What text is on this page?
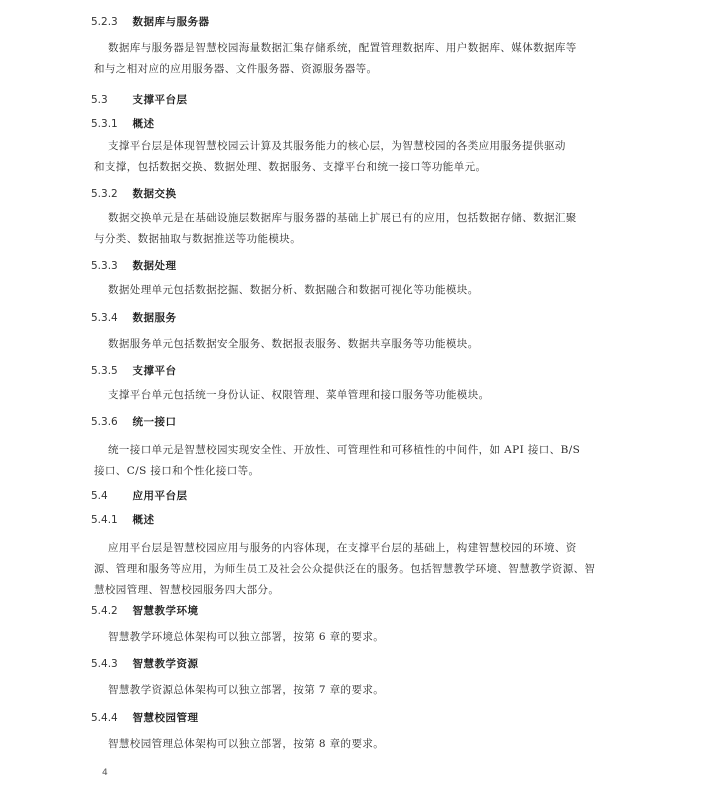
5.2.3 数据库与服务器
数据库与服务器是智慧校园海量数据汇集存储系统，配置管理数据库、用户数据库、媒体数据库等
和与之相对应的应用服务器、文件服务器、资源服务器等。
5.3 支撑平台层
5.3.1 概述
支撑平台层是体现智慧校园云计算及其服务能力的核心层，为智慧校园的各类应用服务提供驱动
和支撑，包括数据交换、数据处理、数据服务、支撑平台和统一接口等功能单元。
5.3.2 数据交换
数据交换单元是在基础设施层数据库与服务器的基础上扩展已有的应用，包括数据存储、数据汇聚
与分类、数据抽取与数据推送等功能模块。
5.3.3 数据处理
数据处理单元包括数据挖掘、数据分析、数据融合和数据可视化等功能模块。
5.3.4 数据服务
数据服务单元包括数据安全服务、数据报表服务、数据共享服务等功能模块。
5.3.5 支撑平台
支撑平台单元包括统一身份认证、权限管理、菜单管理和接口服务等功能模块。
5.3.6 统一接口
统一接口单元是智慧校园实现安全性、开放性、可管理性和可移植性的中间件，如 API 接口、B/S
接口、C/S 接口和个性化接口等。
5.4 应用平台层
5.4.1 概述
应用平台层是智慧校园应用与服务的内容体现，在支撑平台层的基础上，构建智慧校园的环境、资
源、管理和服务等应用，为师生员工及社会公众提供泛在的服务。包括智慧教学环境、智慧教学资源、智
慧校园管理、智慧校园服务四大部分。
5.4.2 智慧教学环境
智慧教学环境总体架构可以独立部署，按第 6 章的要求。
5.4.3 智慧教学资源
智慧教学资源总体架构可以独立部署，按第 7 章的要求。
5.4.4 智慧校园管理
智慧校园管理总体架构可以独立部署，按第 8 章的要求。
4
